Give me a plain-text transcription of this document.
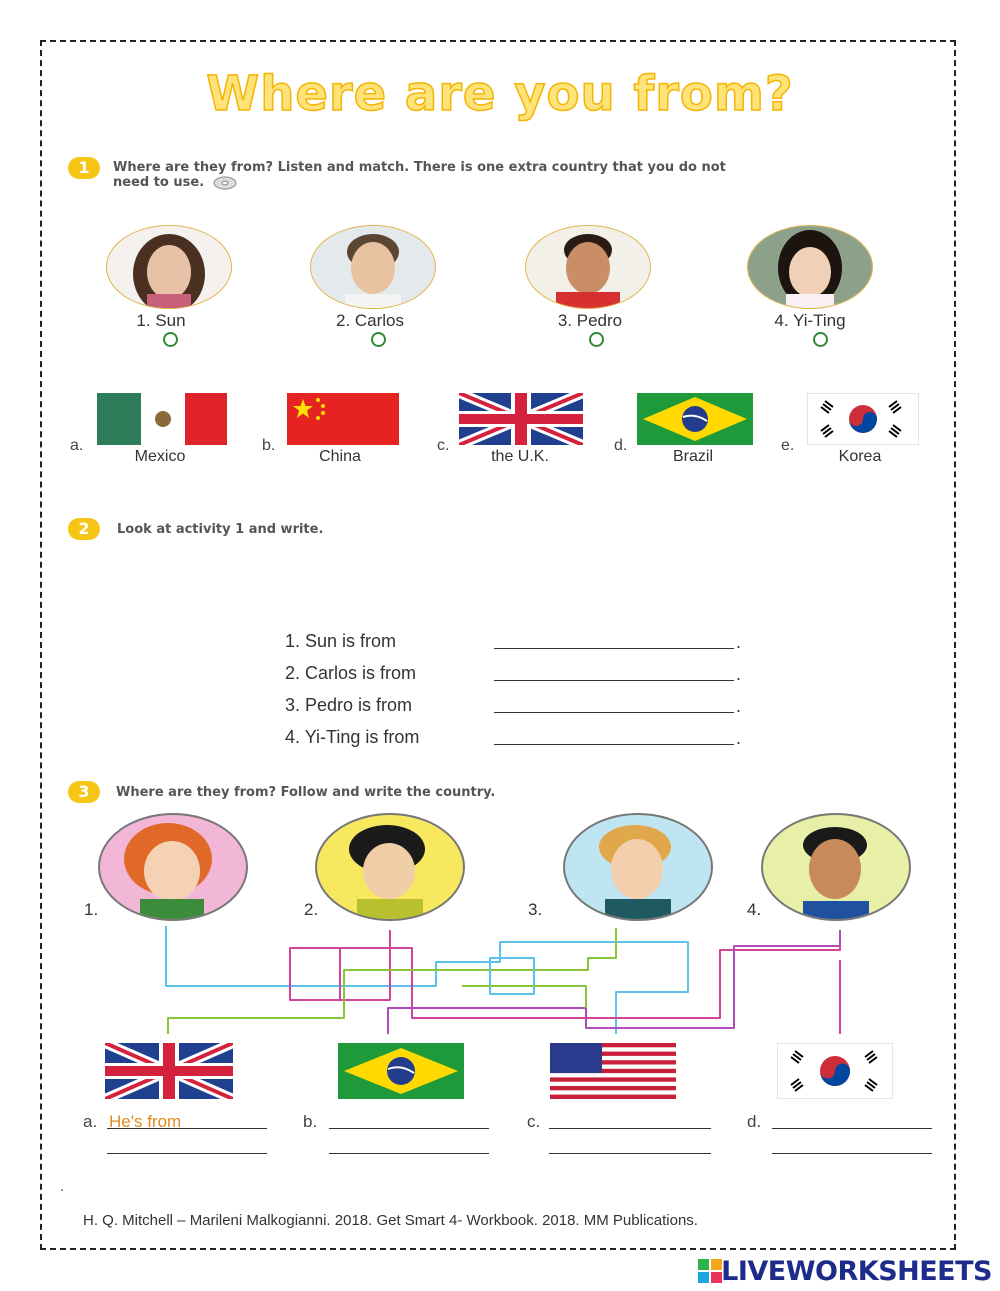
Where are you from?
1	Where are they from? Listen and match. There is one extra country that you do not
need to use.
1. Sun	2. Carlos	3. Pedro	4. Yi-Ting
a.	b.	c.	d.	e.
Mexico	China	the U.K.	Brazil	Korea
2	Look at activity 1 and write.
1. Sun is from
2. Carlos is from
3. Pedro is from
4. Yi-Ting is from
.
.
.
.
3	Where are they from? Follow and write the country.
1.	2.	3.	4.
a.	b.	c.	d.
He's from
.
H. Q. Mitchell – Marileni Malkogianni. 2018. Get Smart 4- Workbook. 2018. MM Publications.
LIVEWORKSHEETS
